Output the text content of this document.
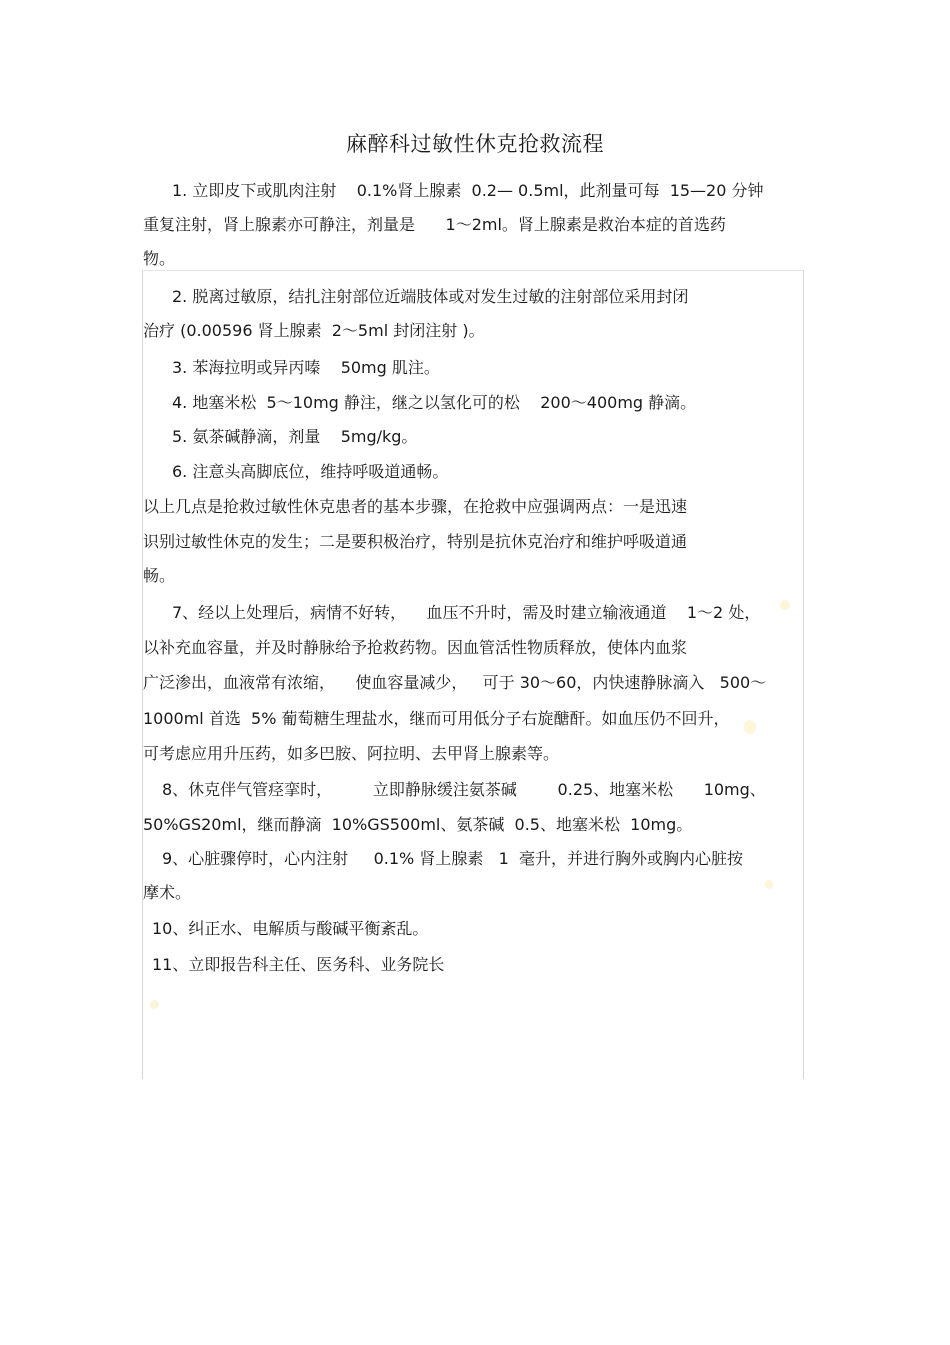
麻醉科过敏性休克抢救流程
1. 立即皮下或肌肉注射    0.1%肾上腺素  0.2— 0.5ml，此剂量可每  15—20 分钟
重复注射，肾上腺素亦可静注，剂量是      1～2ml。肾上腺素是救治本症的首选药
物。
2. 脱离过敏原，结扎注射部位近端肢体或对发生过敏的注射部位采用封闭
治疗 (0.00596 肾上腺素  2～5ml 封闭注射 )。
3. 苯海拉明或异丙嗪    50mg 肌注。
4. 地塞米松  5～10mg 静注，继之以氢化可的松    200～400mg 静滴。
5. 氨茶碱静滴，剂量    5mg/kg。
6. 注意头高脚底位，维持呼吸道通畅。
以上几点是抢救过敏性休克患者的基本步骤，在抢救中应强调两点：一是迅速
识别过敏性休克的发生；二是要积极治疗，特别是抗休克治疗和维护呼吸道通
畅。
7、经以上处理后，病情不好转，    血压不升时，需及时建立输液通道    1～2 处，
以补充血容量，并及时静脉给予抢救药物。因血管活性物质释放，使体内血浆
广泛渗出，血液常有浓缩，    使血容量减少，   可于 30～60，内快速静脉滴入   500～
1000ml 首选  5% 葡萄糖生理盐水，继而可用低分子右旋醣酐。如血压仍不回升，
可考虑应用升压药，如多巴胺、阿拉明、去甲肾上腺素等。
8、休克伴气管痉挛时，        立即静脉缓注氨茶碱        0.25、地塞米松      10mg、
50%GS20ml，继而静滴  10%GS500ml、氨茶碱  0.5、地塞米松  10mg。
9、心脏骤停时，心内注射     0.1% 肾上腺素   1  毫升，并进行胸外或胸内心脏按
摩术。
10、纠正水、电解质与酸碱平衡紊乱。
11、立即报告科主任、医务科、业务院长
